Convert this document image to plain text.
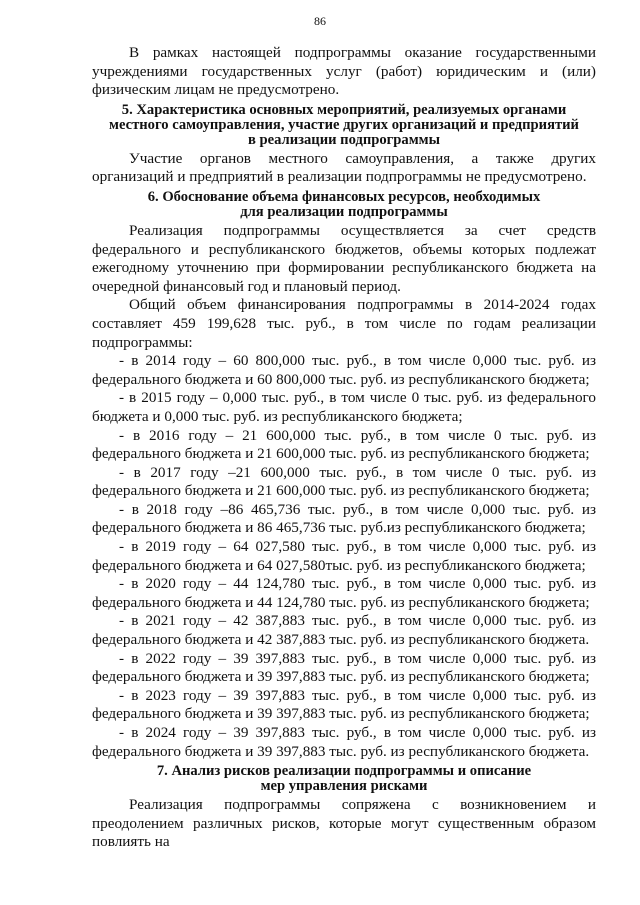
86

В рамках настоящей подпрограммы оказание государственными учреждениями государственных услуг (работ) юридическим и (или) физическим лицам не предусмотрено.

5. Характеристика основных мероприятий, реализуемых органами
местного самоуправления, участие других организаций и предприятий
в реализации подпрограммы

Участие органов местного самоуправления, а также других организаций и предприятий в реализации подпрограммы не предусмотрено.

6. Обоснование объема финансовых ресурсов, необходимых
для реализации подпрограммы

Реализация подпрограммы осуществляется за счет средств федерального и республиканского бюджетов, объемы которых подлежат ежегодному уточнению при формировании республиканского бюджета на очередной финансовый год и плановый период.

Общий объем финансирования подпрограммы в 2014-2024 годах составляет 459 199,628 тыс. руб., в том числе по годам реализации подпрограммы:

- в 2014 году – 60 800,000 тыс. руб., в том числе 0,000 тыс. руб. из федерального бюджета и 60 800,000 тыс. руб. из республиканского бюджета;

- в 2015 году – 0,000 тыс. руб., в том числе 0 тыс. руб. из федерального бюджета и 0,000 тыс. руб. из республиканского бюджета;

- в 2016 году – 21 600,000 тыс. руб., в том числе 0 тыс. руб. из федерального бюджета и 21 600,000 тыс. руб. из республиканского бюджета;

- в 2017 году –21 600,000 тыс. руб., в том числе 0 тыс. руб. из федерального бюджета и 21 600,000 тыс. руб. из республиканского бюджета;

- в 2018 году –86 465,736 тыс. руб., в том числе 0,000 тыс. руб. из федерального бюджета и 86 465,736 тыс. руб.из республиканского бюджета;

- в 2019 году – 64 027,580 тыс. руб., в том числе 0,000 тыс. руб. из федерального бюджета и 64 027,580тыс. руб. из республиканского бюджета;

- в 2020 году – 44 124,780 тыс. руб., в том числе 0,000 тыс. руб. из федерального бюджета и 44 124,780 тыс. руб. из республиканского бюджета;

- в 2021 году – 42 387,883 тыс. руб., в том числе 0,000 тыс. руб. из федерального бюджета и 42 387,883 тыс. руб. из республиканского бюджета.

- в 2022 году – 39 397,883 тыс. руб., в том числе 0,000 тыс. руб. из федерального бюджета и 39 397,883 тыс. руб. из республиканского бюджета;

- в 2023 году – 39 397,883 тыс. руб., в том числе 0,000 тыс. руб. из федерального бюджета и 39 397,883 тыс. руб. из республиканского бюджета;

- в 2024 году – 39 397,883 тыс. руб., в том числе 0,000 тыс. руб. из федерального бюджета и 39 397,883 тыс. руб. из республиканского бюджета.

7. Анализ рисков реализации подпрограммы и описание
мер управления рисками

Реализация подпрограммы сопряжена с возникновением и преодолением различных рисков, которые могут существенным образом повлиять на
